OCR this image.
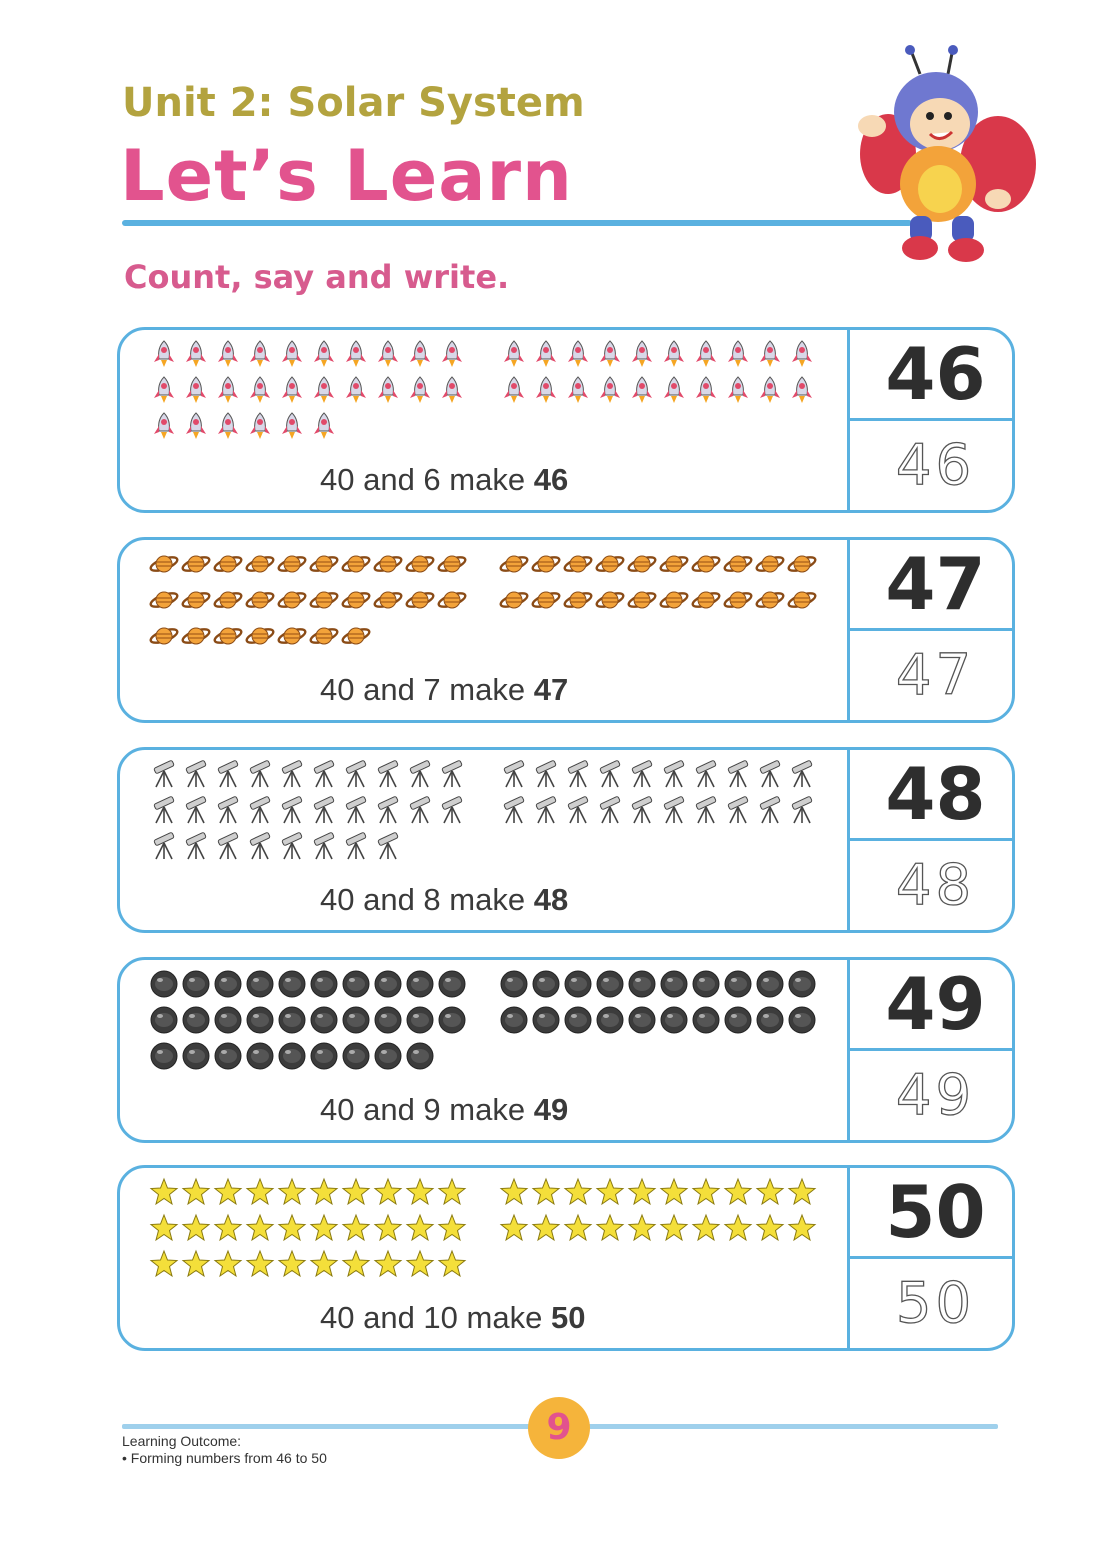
Unit 2: Solar System
Let’s Learn

Count, say and write.

40 and 6 make 46
46
46
40 and 7 make 47
47
47
40 and 8 make 48
48
48
40 and 9 make 49
49
49
40 and 10 make 50
50
50
9
Learning Outcome:
• Forming numbers from 46 to 50
